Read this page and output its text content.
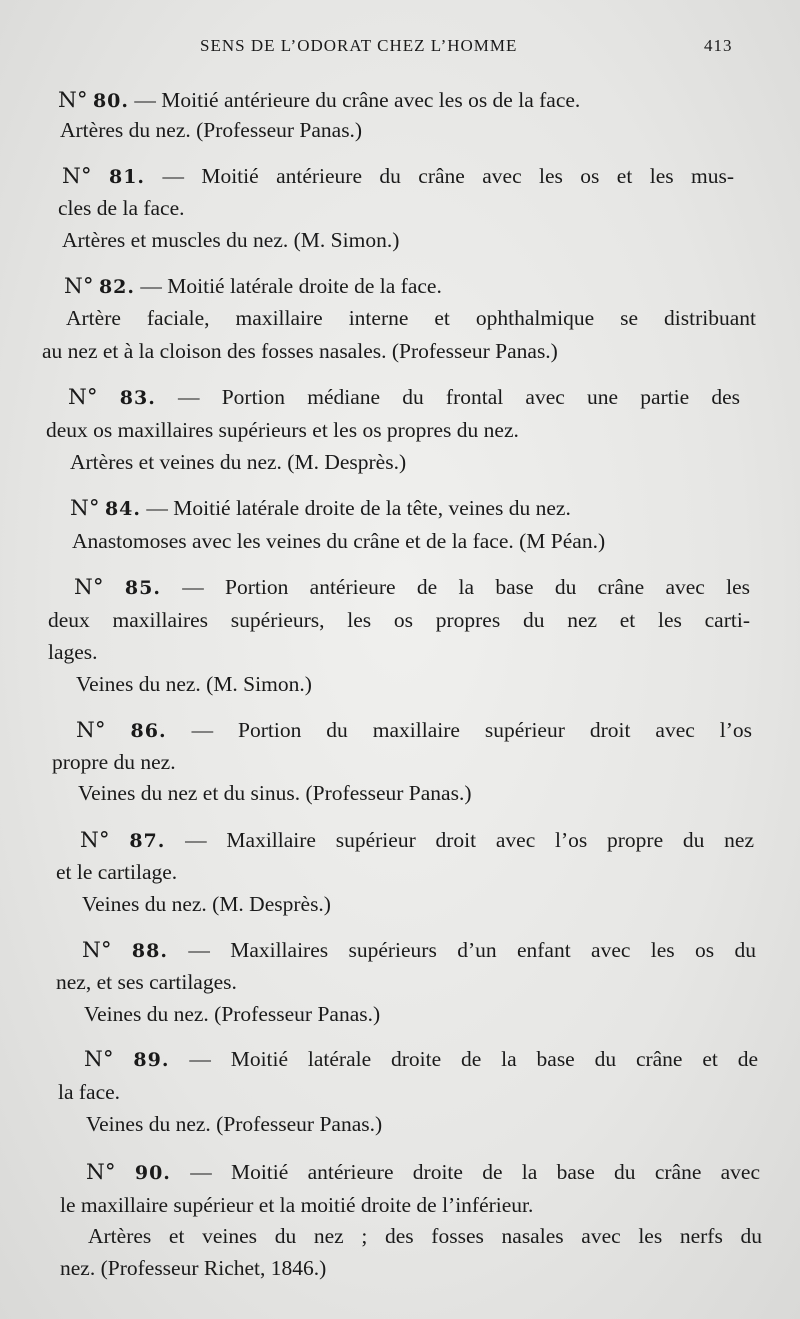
SENS DE L’ODORAT CHEZ L’HOMME	413
N° 80. — Moitié antérieure du crâne avec les os de la face.
Artères du nez. (Professeur Panas.)
N° 81. — Moitié antérieure du crâne avec les os et les mus-
cles de la face.
Artères et muscles du nez. (M. Simon.)
N° 82. — Moitié latérale droite de la face.
Artère faciale, maxillaire interne et ophthalmique se distribuant
au nez et à la cloison des fosses nasales. (Professeur Panas.)
N° 83. — Portion médiane du frontal avec une partie des
deux os maxillaires supérieurs et les os propres du nez.
Artères et veines du nez. (M. Desprès.)
N° 84. — Moitié latérale droite de la tête, veines du nez.
Anastomoses avec les veines du crâne et de la face. (M Péan.)
N° 85. — Portion antérieure de la base du crâne avec les
deux maxillaires supérieurs, les os propres du nez et les carti-
lages.
Veines du nez. (M. Simon.)
N° 86. — Portion du maxillaire supérieur droit avec l’os
propre du nez.
Veines du nez et du sinus. (Professeur Panas.)
N° 87. — Maxillaire supérieur droit avec l’os propre du nez
et le cartilage.
Veines du nez. (M. Desprès.)
N° 88. — Maxillaires supérieurs d’un enfant avec les os du
nez, et ses cartilages.
Veines du nez. (Professeur Panas.)
N° 89. — Moitié latérale droite de la base du crâne et de
la face.
Veines du nez. (Professeur Panas.)
N° 90. — Moitié antérieure droite de la base du crâne avec
le maxillaire supérieur et la moitié droite de l’inférieur.
Artères et veines du nez ; des fosses nasales avec les nerfs du
nez. (Professeur Richet, 1846.)
